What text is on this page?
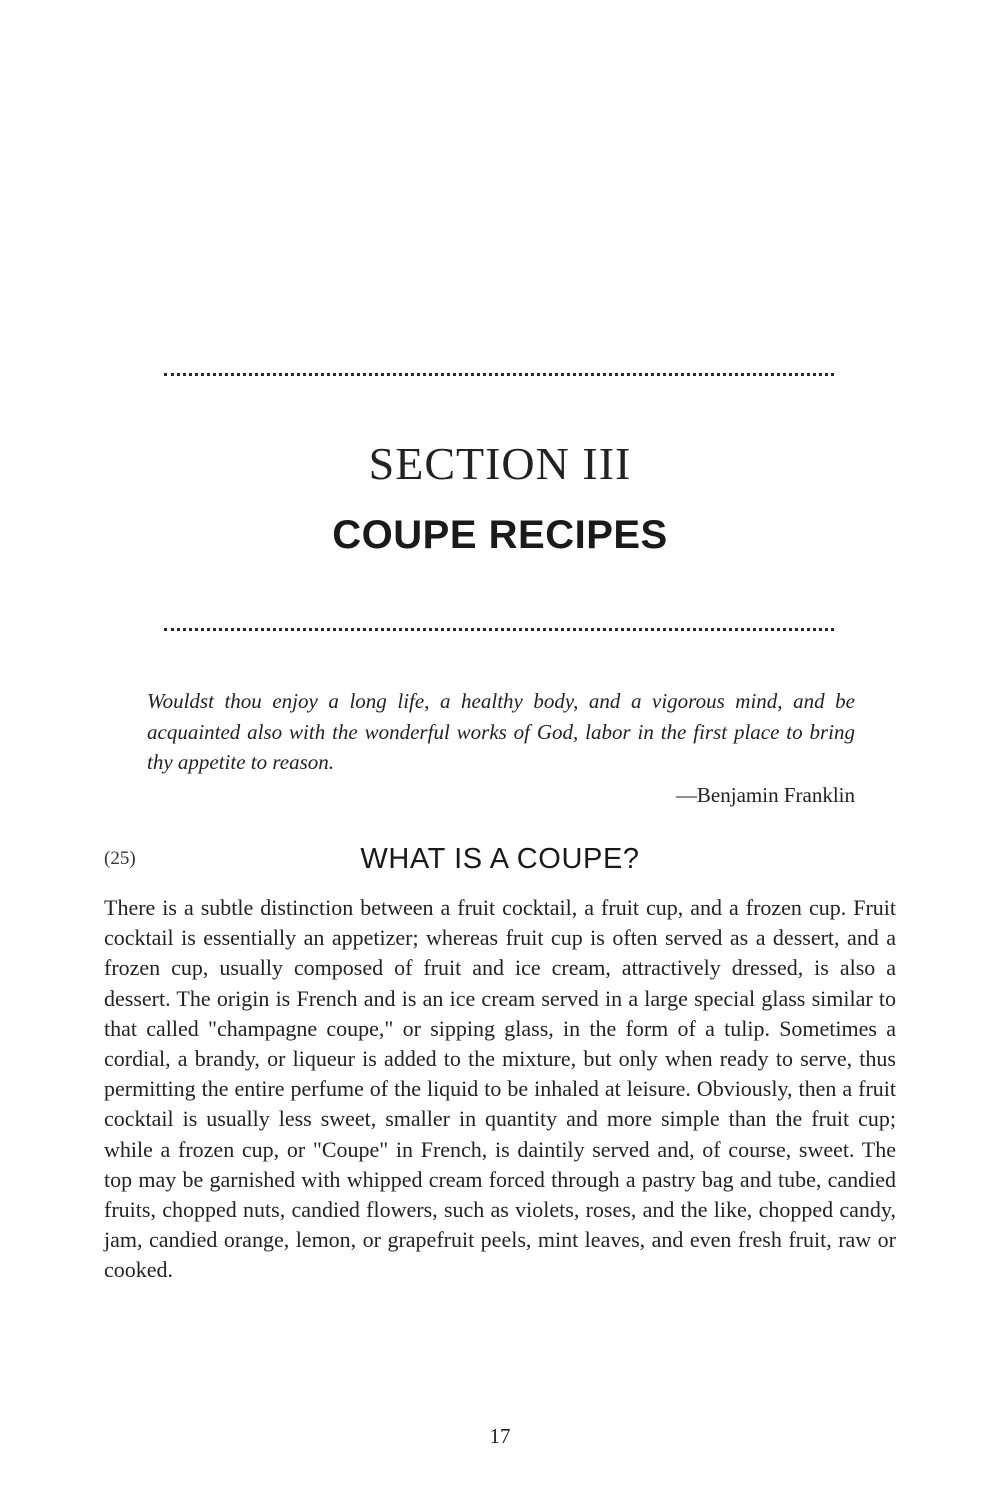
SECTION III
COUPE RECIPES

Wouldst thou enjoy a long life, a healthy body, and a vigorous mind, and be acquainted also with the wonderful works of God, labor in the first place to bring thy appetite to reason.

—Benjamin Franklin

(25)	WHAT IS A COUPE?

There is a subtle distinction between a fruit cocktail, a fruit cup, and a frozen cup. Fruit cocktail is essentially an appetizer; whereas fruit cup is often served as a dessert, and a frozen cup, usually composed of fruit and ice cream, attractively dressed, is also a dessert. The origin is French and is an ice cream served in a large special glass similar to that called "champagne coupe," or sipping glass, in the form of a tulip. Sometimes a cordial, a brandy, or liqueur is added to the mixture, but only when ready to serve, thus permitting the entire perfume of the liquid to be inhaled at leisure. Obviously, then a fruit cocktail is usually less sweet, smaller in quantity and more simple than the fruit cup; while a frozen cup, or "Coupe" in French, is daintily served and, of course, sweet. The top may be garnished with whipped cream forced through a pastry bag and tube, candied fruits, chopped nuts, candied flowers, such as violets, roses, and the like, chopped candy, jam, candied orange, lemon, or grapefruit peels, mint leaves, and even fresh fruit, raw or cooked.

17
